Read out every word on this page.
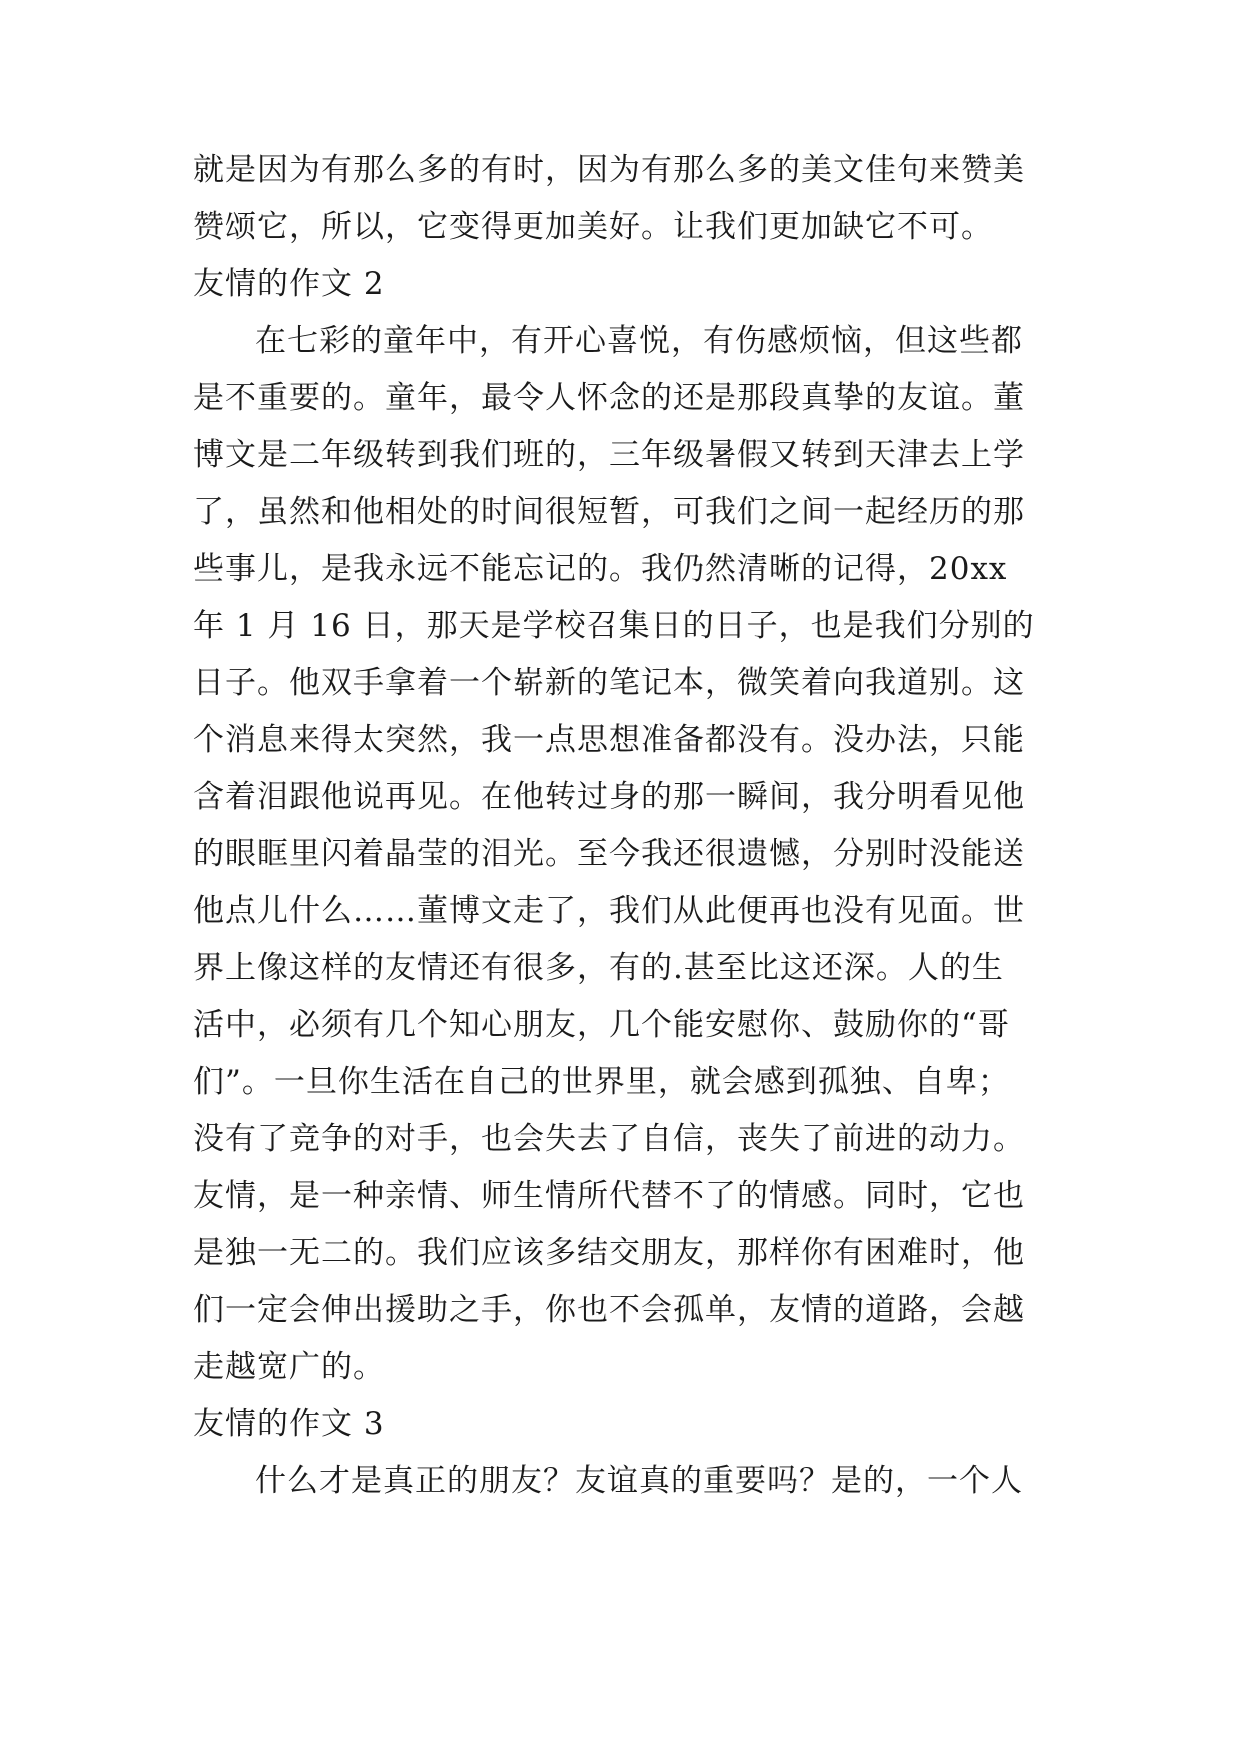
就是因为有那么多的有时，因为有那么多的美文佳句来赞美
赞颂它，所以，它变得更加美好。让我们更加缺它不可。
友情的作文 2
在七彩的童年中，有开心喜悦，有伤感烦恼，但这些都
是不重要的。童年，最令人怀念的还是那段真挚的友谊。董
博文是二年级转到我们班的，三年级暑假又转到天津去上学
了，虽然和他相处的时间很短暂，可我们之间一起经历的那
些事儿，是我永远不能忘记的。我仍然清晰的记得，20xx
年 1 月 16 日，那天是学校召集日的日子，也是我们分别的
日子。他双手拿着一个崭新的笔记本，微笑着向我道别。这
个消息来得太突然，我一点思想准备都没有。没办法，只能
含着泪跟他说再见。在他转过身的那一瞬间，我分明看见他
的眼眶里闪着晶莹的泪光。至今我还很遗憾，分别时没能送
他点儿什么……董博文走了，我们从此便再也没有见面。世
界上像这样的友情还有很多，有的.甚至比这还深。人的生
活中，必须有几个知心朋友，几个能安慰你、鼓励你的“哥
们”。一旦你生活在自己的世界里，就会感到孤独、自卑；
没有了竞争的对手，也会失去了自信，丧失了前进的动力。
友情，是一种亲情、师生情所代替不了的情感。同时，它也
是独一无二的。我们应该多结交朋友，那样你有困难时，他
们一定会伸出援助之手，你也不会孤单，友情的道路，会越
走越宽广的。
友情的作文 3
什么才是真正的朋友？友谊真的重要吗？是的，一个人
